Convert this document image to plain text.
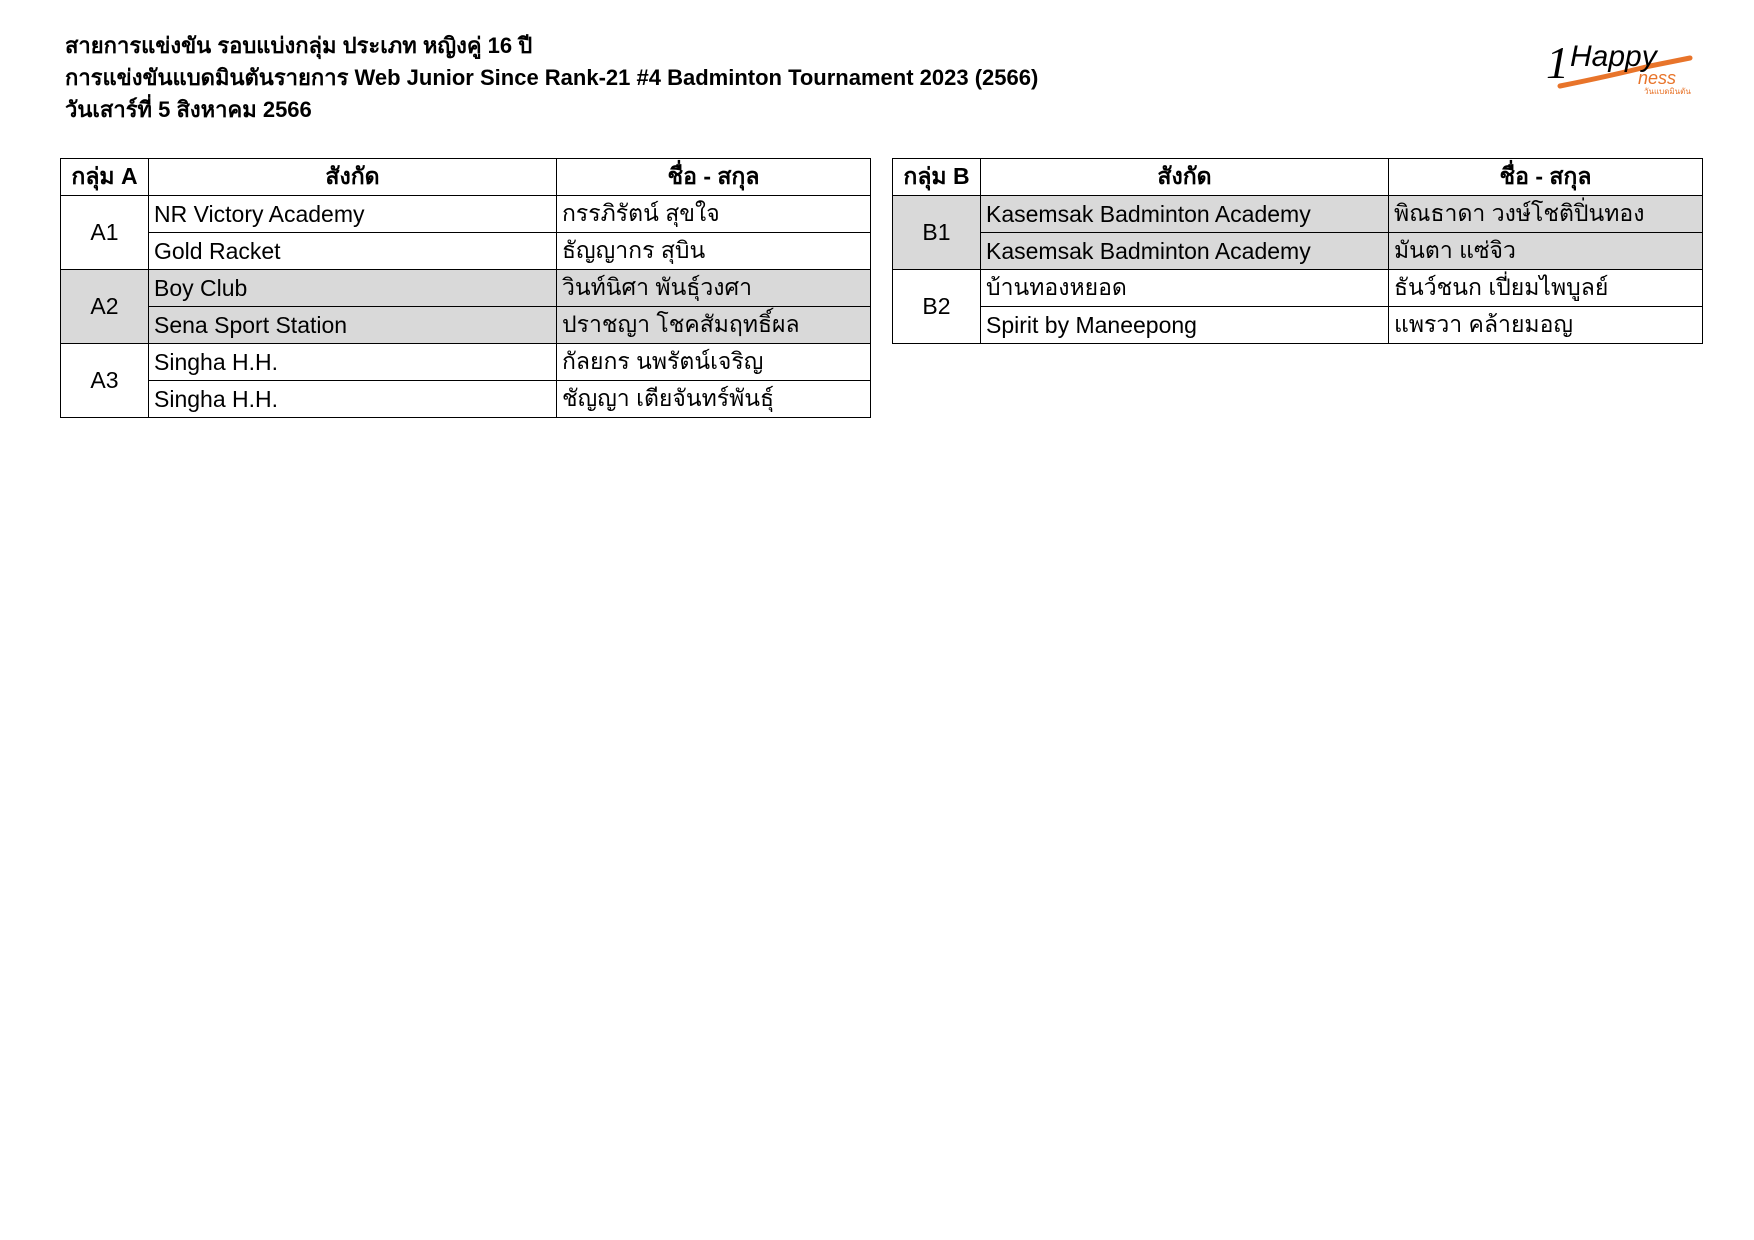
สายการแข่งขัน รอบแบ่งกลุ่ม ประเภท หญิงคู่ 16 ปี
การแข่งขันแบดมินตันรายการ Web Junior Since Rank-21 #4 Badminton Tournament 2023 (2566)
วันเสาร์ที่ 5 สิงหาคม 2566
1 Happy
ness
วันแบดมินตัน
กลุ่ม A	สังกัด	ชื่อ - สกุล
A1	NR Victory Academy	กรรภิรัตน์ สุขใจ
	Gold Racket	ธัญญากร สุบิน
A2	Boy Club	วินท์นิศา พันธุ์วงศา
	Sena Sport Station	ปราชญา โชคสัมฤทธิ์ผล
A3	Singha H.H.	กัลยกร นพรัตน์เจริญ
	Singha H.H.	ชัญญา เตียจันทร์พันธุ์
กลุ่ม B	สังกัด	ชื่อ - สกุล
B1	Kasemsak Badminton Academy	พิณธาดา วงษ์โชติปิ่นทอง
	Kasemsak Badminton Academy	มันตา แซ่จิว
B2	บ้านทองหยอด	ธันว์ชนก เปี่ยมไพบูลย์
	Spirit by Maneepong	แพรวา คล้ายมอญ
